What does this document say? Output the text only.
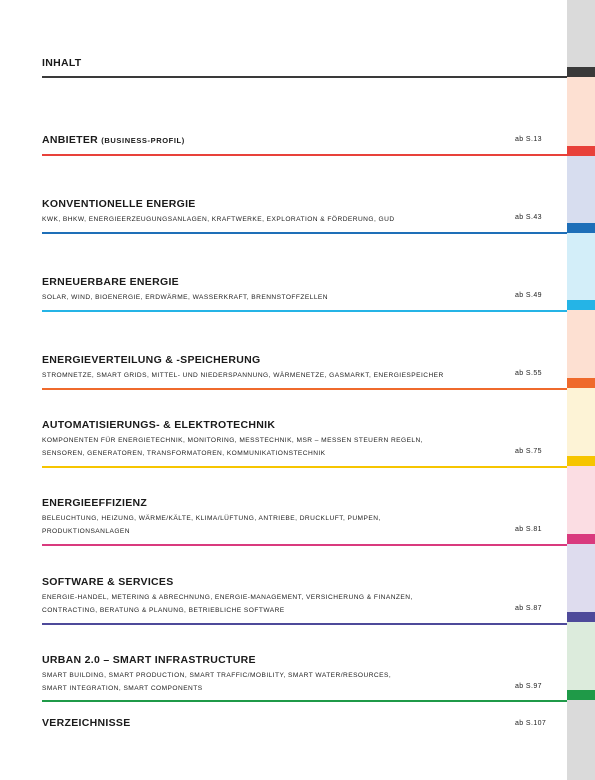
INHALT
ANBIETER (BUSINESS-PROFIL)	ab S.13
KONVENTIONELLE ENERGIE
KWK, BHKW, ENERGIEERZEUGUNGSANLAGEN, KRAFTWERKE, EXPLORATION & FÖRDERUNG, GUD	ab S.43
ERNEUERBARE ENERGIE
SOLAR, WIND, BIOENERGIE, ERDWÄRME, WASSERKRAFT, BRENNSTOFFZELLEN	ab S.49
ENERGIEVERTEILUNG & -SPEICHERUNG
STROMNETZE, SMART GRIDS, MITTEL- UND NIEDERSPANNUNG, WÄRMENETZE, GASMARKT, ENERGIESPEICHER	ab S.55
AUTOMATISIERUNGS- & ELEKTROTECHNIK
KOMPONENTEN FÜR ENERGIETECHNIK, MONITORING, MESSTECHNIK, MSR – MESSEN STEUERN REGELN,
SENSOREN, GENERATOREN, TRANSFORMATOREN, KOMMUNIKATIONSTECHNIK	ab S.75
ENERGIEEFFIZIENZ
BELEUCHTUNG, HEIZUNG, WÄRME/KÄLTE, KLIMA/LÜFTUNG, ANTRIEBE, DRUCKLUFT, PUMPEN,
PRODUKTIONSANLAGEN	ab S.81
SOFTWARE & SERVICES
ENERGIE-HANDEL, METERING & ABRECHNUNG, ENERGIE-MANAGEMENT, VERSICHERUNG & FINANZEN,
CONTRACTING, BERATUNG & PLANUNG, BETRIEBLICHE SOFTWARE	ab S.87
URBAN 2.0 – SMART INFRASTRUCTURE
SMART BUILDING, SMART PRODUCTION, SMART TRAFFIC/MOBILITY, SMART WATER/RESOURCES,
SMART INTEGRATION, SMART COMPONENTS	ab S.97
VERZEICHNISSE	ab S.107
